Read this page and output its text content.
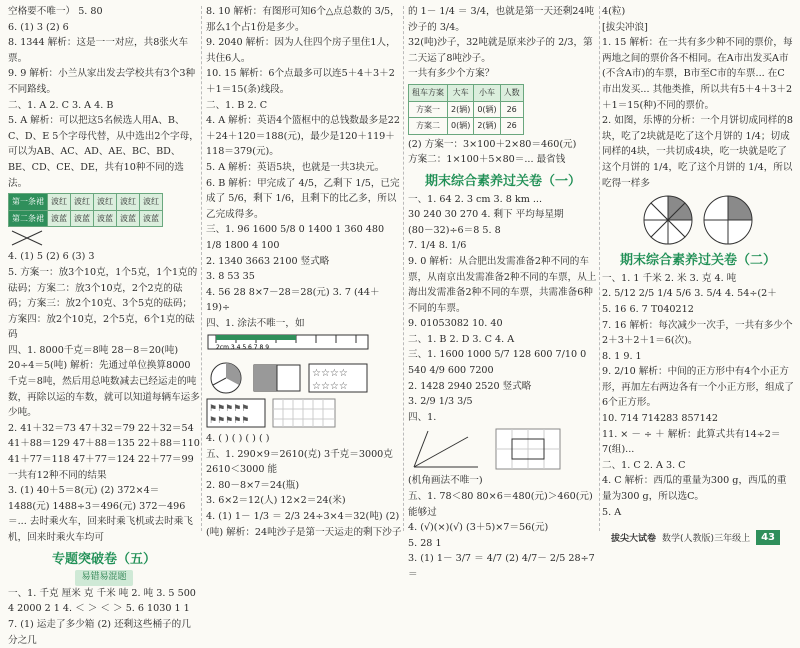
空格要不唯一） 5. 80
6. (1) 3 (2) 6
8. 1344 解析：这是一一对应，共8张火车票。
9. 9 解析：小兰从家出发去学校共有3个3种不同路线。
二、1. A 2. C 3. A 4. B
5. A 解析：可以把这5名候选人用A、B、C、D、E 5个字母代替，从中选出2个字母，可以为AB、AC、AD、AE、BC、BD、BE、CD、CE、DE，共有10种不同的选法。
第一条裙	波红	波红	波红	波红	波红
第二条裙	波蓝	波蓝	波蓝	波蓝	波蓝
4. (1) 5 (2) 6 (3) 3
5. 方案一：放3个10克，1个5克，1个1克的砝码；方案二：放3个10克，2个2克的砝码；方案三：放2个10克、3个5克的砝码；方案四：放2个10克，2个5克，6个1克的砝码
四、1. 8000千克＝8吨 28－8＝20(吨) 20÷4＝5(吨) 解析：先通过单位换算8000千克＝8吨，然后用总吨数减去已经运走的吨数，再除以运的车数，就可以知道每辆车运多少吨。
2. 41＋32＝73 47＋32＝79 22＋32＝54 41＋88＝129 47＋88＝135 22＋88＝110 41＋77＝118 47＋77＝124 22＋77＝99 一共有12种不同的结果
3. (1) 40＋5＝8(元) (2) 372×4＝1488(元) 1488÷3＝496(元) 372－496＝... 去时乘火车，回来时乘飞机或去时乘飞机，回来时乘火车均可
专题突破卷（五）
易错易混题
一、1. 千克 厘米 克 千米 吨 2. 吨 3. 5 500 4 2000 2 1 4. ＜ ＞ ＜ ＞ 5. 6 1030 1 1 7. (1) 运走了多少箱 (2) 还剩这些桶子的几分之几
8. 10 解析：有图形可知6个△点总数的 3/5，那么1个占1份是多少。
9. 2040 解析：因为人住四个房子里住1人，共住6人。
10. 15 解析：6个点最多可以连5＋4＋3＋2＋1＝15(条)线段。
二、1. B 2. C
4. A 解析：英语4个篮框中的总钱数最多是22＋24＋120＝188(元)，最少是120＋119＋118＝379(元)。
5. A 解析：英语5块，也就是一共3块元。
6. B 解析：甲完成了 4/5，乙剩下 1/5，已完成了 5/6，剩下 1/6，且剩下的比乙多，所以乙完成得多。
三、1. 96 1600 5/8 0 1400 1 360 480
1/8 1800 4 100
2. 1340 3663 2100 竖式略
3. 8 53 35
4. 56 28 8×7－28＝28(元) 3. 7 (44＋19)÷
四、1. 涂法不唯一，如
2cm 3 4 5 6 7 8 9
☆☆☆☆
☆☆☆☆
⚑⚑⚑⚑⚑
⚑⚑⚑⚑⚑
4. ( ) ( ) ( ) ( )
五、1. 290×9＝2610(克) 3千克＝3000克
2610＜3000 能
2. 80－8×7＝24(瓶)
3. 6×2＝12(人) 12×2＝24(米)
4. (1) 1－ 1/3 ＝ 2/3 24÷3×4＝32(吨) (2)
(吨) 解析：24吨沙子是第一天运走的剩下沙子
的 1－ 1/4 ＝ 3/4，也就是第一天还剩24吨沙子的 3/4。
32(吨)沙子，32吨就是原来沙子的 2/3，第二天运了8吨沙子。
一共有多少个方案？
租车方案	大车	小车	人数
方案一	2(辆)	0(辆)	26
方案二	0(辆)	2(辆)	26
(2) 方案一：3×100＋2×80＝460(元)
方案二：1×100＋5×80＝... 最省钱
期末综合素养过关卷（一）
一、1. 64 2. 3 cm 3. 8 km ...
30 240 30 270 4. 剩下 平均每星期
(80－32)÷6＝8 5. 8
7. 1/4 8. 1/6
9. 0 解析：从合肥出发需准备2种不同的车票，从南京出发需准备2种不同的车票，从上海出发需准备2种不同的车票，共需准备6种不同的车票。
9. 01053082 10. 40
二、1. B 2. D 3. C 4. A
三、1. 1600 1000 5/7 128 600 7/10 0
540 4/9 600 7200
2. 1428 2940 2520 竖式略
3. 2/9 1/3 3/5
四、1.
(机角画法不唯一)
五、1. 78＜80 80×6＝480(元)＞460(元)
能够过
4. (√)(×)(√) (3＋5)×7＝56(元)
5. 28 1
3. (1) 1－ 3/7 ＝ 4/7 (2) 4/7－ 2/5 28÷7＝
4(粒)
[拔尖冲浪]
1. 15 解析：在一共有多少种不同的票价，每两地之间的票价各不相同。在A市出发买A市(不含A市)的车票，B市至C市的车票... 在C市出发买... 其他类推，所以共有5＋4＋3＋2＋1＝15(种)不同的票价。
2. 如图，乐博的分析：一个月饼切成同样的8块，吃了2块就是吃了这个月饼的 1/4；切成同样的4块，一共切成4块，吃一块就是吃了这个月饼的 1/4，吃了这个月饼的 1/4，所以吃得一样多
期末综合素养过关卷（二）
一、1. 1 千米 2. 米 3. 克 4. 吨
2. 5/12 2/5 1/4 5/6 3. 5/4 4. 54÷(2＋
5. 16 6. 7 T040212
7. 16 解析：每次减少一次手，一共有多少个2＋3＋2＋1＝6(次)。
8. 1 9. 1
9. 2/10 解析：中间的正方形中有4个小正方形，再加左右两边各有一个小正方形，组成了6个正方形。
10. 714 714283 857142
11. × － ÷ ＋ 解析：此算式共有14÷2＝7(组)...
二、1. C 2. A 3. C
4. C 解析：西瓜的重量为300 g，西瓜的重量为300 g，所以选C。
5. A
拔尖大试卷 数学(人教版)三年级上	43
